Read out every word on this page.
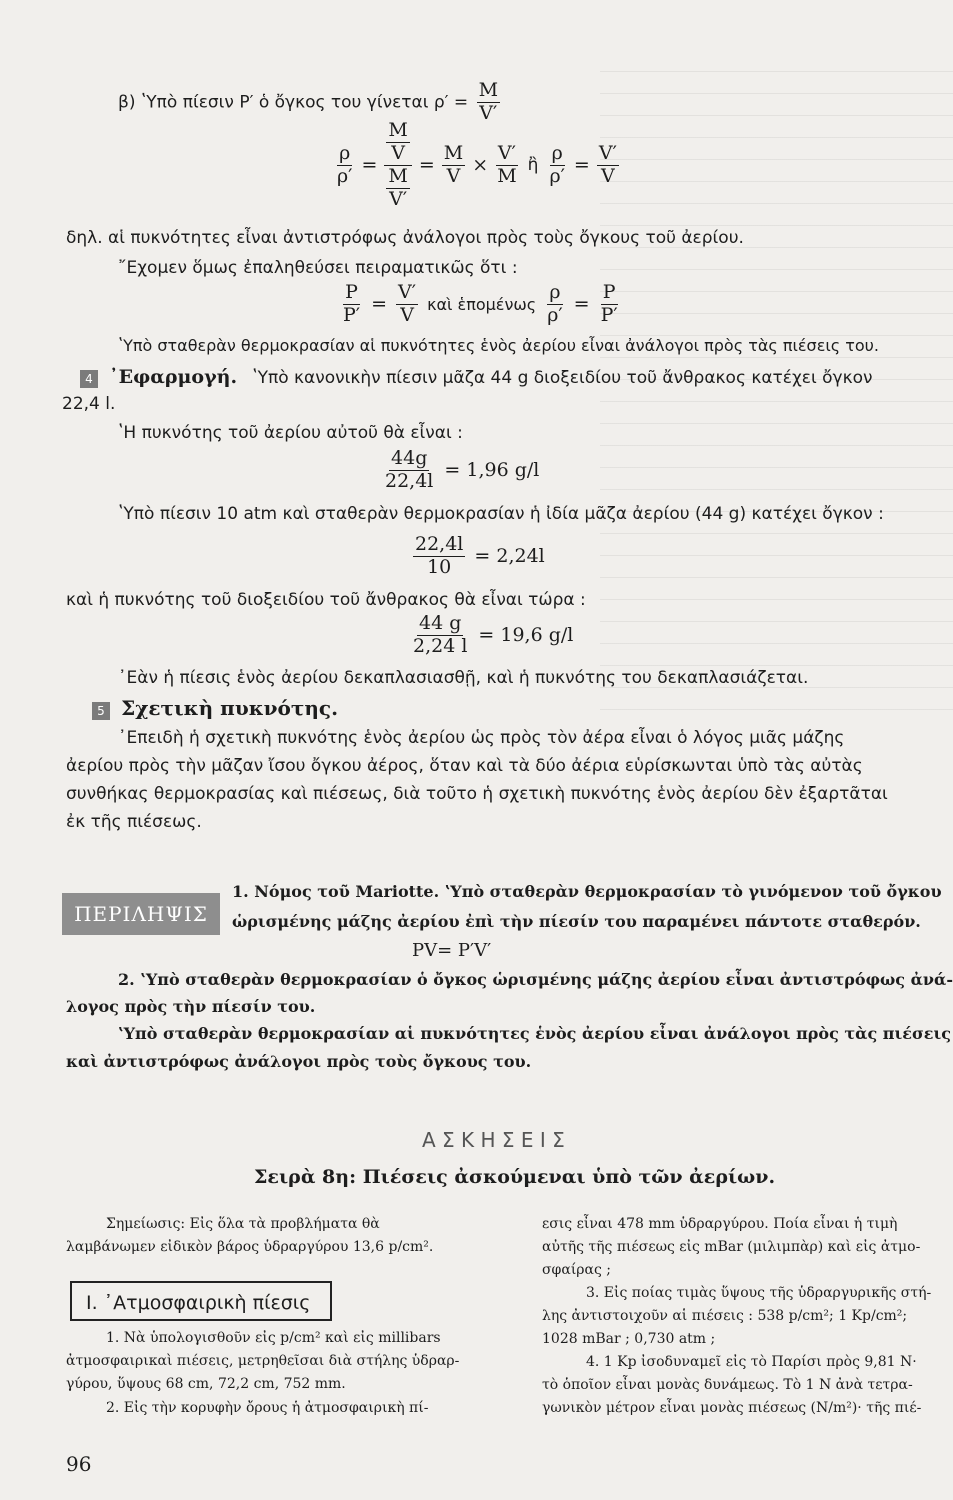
β) ʽΥπὸ πίεσιν P′ ὁ ὄγκος του γίνεται $\rho' = \frac{M}{V'}$
$\frac{\rho}{\rho'} = \frac{\frac{M}{V}}{\frac{M}{V'}} = \frac{M}{V} \times \frac{V'}{M}$ ἢ $\frac{\rho}{\rho'} = \frac{V'}{V}$
δηλ. αἱ πυκνότητες εἶναι ἀντιστρόφως ἀνάλογοι πρὸς τοὺς ὄγκους τοῦ ἀερίου.
῎Εχομεν ὅμως ἐπαληθεύσει πειραματικῶς ὅτι :
$\frac{P}{P'} = \frac{V'}{V}$ καὶ ἑπομένως $\frac{\rho}{\rho'} = \frac{P}{P'}$
ʽΥπὸ σταθερὰν θερμοκρασίαν αἱ πυκνότητες ἑνὸς ἀερίου εἶναι ἀνάλογοι πρὸς τὰς πιέσεις του.
4 ᾿Εφαρμογή. ʽΥπὸ κανονικὴν πίεσιν μᾶζα 44 g διοξειδίου τοῦ ἄνθρακος κατέχει ὄγκον
22,4 l.
ʽΗ πυκνότης τοῦ ἀερίου αὐτοῦ θὰ εἶναι :
$\frac{44g}{22,4l} = 1,96$ g/l
ʽΥπὸ πίεσιν 10 atm καὶ σταθερὰν θερμοκρασίαν ἡ ἰδία μᾶζα ἀερίου (44 g) κατέχει ὄγκον :
$\frac{22,4l}{10} = 2,24l$
καὶ ἡ πυκνότης τοῦ διοξειδίου τοῦ ἄνθρακος θὰ εἶναι τώρα :
$\frac{44 g}{2,24 l} = 19,6$ g/l
᾿Εὰν ἡ πίεσις ἑνὸς ἀερίου δεκαπλασιασθῇ, καὶ ἡ πυκνότης του δεκαπλασιάζεται.
5 Σχετικὴ πυκνότης.
᾿Επειδὴ ἡ σχετικὴ πυκνότης ἑνὸς ἀερίου ὡς πρὸς τὸν ἀέρα εἶναι ὁ λόγος μιᾶς μάζης
ἀερίου πρὸς τὴν μᾶζαν ἴσου ὄγκου ἀέρος, ὅταν καὶ τὰ δύο ἀέρια εὑρίσκωνται ὑπὸ τὰς αὐτὰς
συνθήκας θερμοκρασίας καὶ πιέσεως, διὰ τοῦτο ἡ σχετικὴ πυκνότης ἑνὸς ἀερίου δὲν ἐξαρτᾶται
ἐκ τῆς πιέσεως.
ΠΕΡΙΛΗΨΙΣ
1. Νόμος τοῦ Mariotte. ʽΥπὸ σταθερὰν θερμοκρασίαν τὸ γινόμενον τοῦ ὄγκου
ὡρισμένης μάζης ἀερίου ἐπὶ τὴν πίεσίν του παραμένει πάντοτε σταθερόν.
PV= P′V′
2. ʽΥπὸ σταθερὰν θερμοκρασίαν ὁ ὄγκος ὡρισμένης μάζης ἀερίου εἶναι ἀντιστρόφως ἀνά-
λογος πρὸς τὴν πίεσίν του.
ʽΥπὸ σταθερὰν θερμοκρασίαν αἱ πυκνότητες ἑνὸς ἀερίου εἶναι ἀνάλογοι πρὸς τὰς πιέσεις
καὶ ἀντιστρόφως ἀνάλογοι πρὸς τοὺς ὄγκους του.
Α Σ Κ Η Σ Ε Ι Σ
Σειρὰ 8η: Πιέσεις ἀσκούμεναι ὑπὸ τῶν ἀερίων.
Σημείωσις: Εἰς ὅλα τὰ προβλήματα θὰ
λαμβάνωμεν εἰδικὸν βάρος ὑδραργύρου 13,6 p/cm².
I. ᾿Ατμοσφαιρικὴ πίεσις
1. Νὰ ὑπολογισθοῦν εἰς p/cm² καὶ εἰς millibars
ἀτμοσφαιρικαὶ πιέσεις, μετρηθεῖσαι διὰ στήλης ὑδραρ-
γύρου, ὕψους 68 cm, 72,2 cm, 752 mm.
2. Εἰς τὴν κορυφὴν ὄρους ἡ ἀτμοσφαιρικὴ πί-
εσις εἶναι 478 mm ὑδραργύρου. Ποία εἶναι ἡ τιμὴ
αὐτῆς τῆς πιέσεως εἰς mBar (μιλιμπὰρ) καὶ εἰς ἀτμο-
σφαίρας ;
3. Εἰς ποίας τιμὰς ὕψους τῆς ὑδραργυρικῆς στή-
λης ἀντιστοιχοῦν αἱ πιέσεις : 538 p/cm²; 1 Kp/cm²;
1028 mBar ; 0,730 atm ;
4. 1 Kp ἰσοδυναμεῖ εἰς τὸ Παρίσι πρὸς 9,81 N·
τὸ ὁποῖον εἶναι μονὰς δυνάμεως. Τὸ 1 N ἀνὰ τετρα-
γωνικὸν μέτρον εἶναι μονὰς πιέσεως (N/m²)· τῆς πιέ-
96
